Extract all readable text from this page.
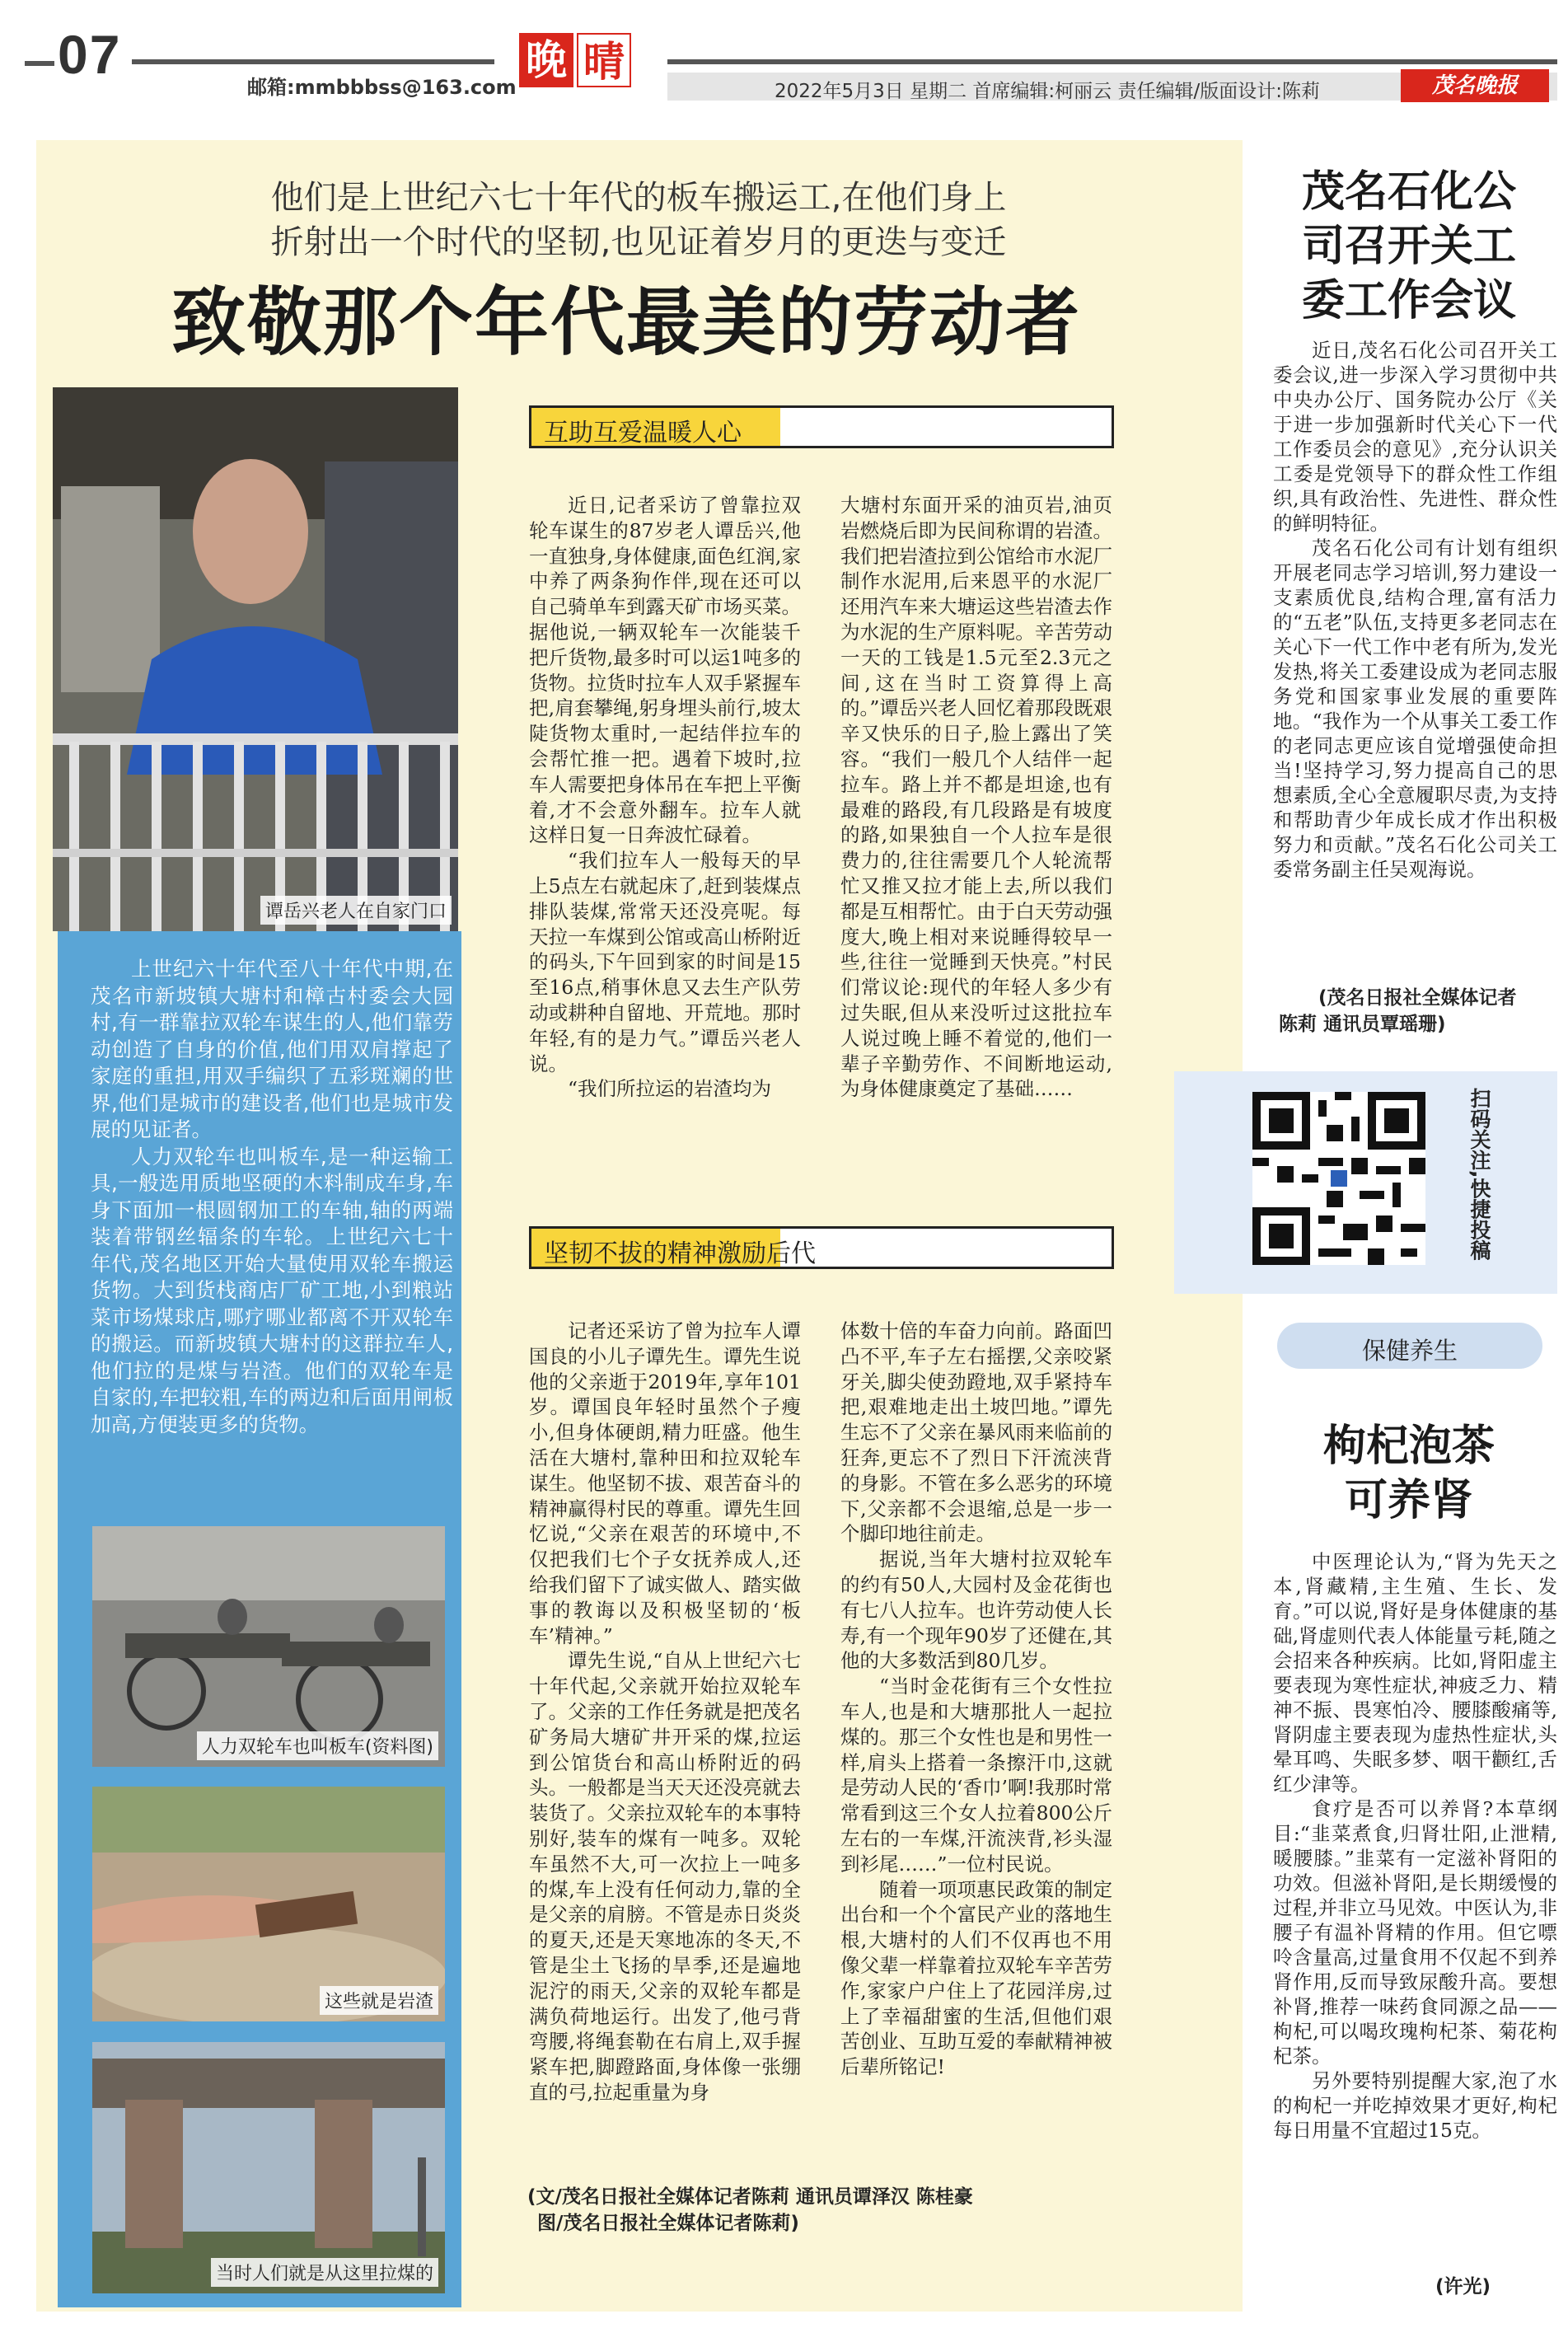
07
邮箱:mmbbbss@163.com
晚 晴
2022年5月3日 星期二 首席编辑:柯丽云 责任编辑/版面设计:陈莉	茂名晚报
他们是上世纪六七十年代的板车搬运工,在他们身上
折射出一个时代的坚韧,也见证着岁月的更迭与变迁
致敬那个年代最美的劳动者
谭岳兴老人在自家门口

上世纪六十年代至八十年代中期,在茂名市新坡镇大塘村和樟古村委会大园村,有一群靠拉双轮车谋生的人,他们靠劳动创造了自身的价值,他们用双肩撑起了家庭的重担,用双手编织了五彩斑斓的世界,他们是城市的建设者,他们也是城市发展的见证者。

人力双轮车也叫板车,是一种运输工具,一般选用质地坚硬的木料制成车身,车身下面加一根圆钢加工的车轴,轴的两端装着带钢丝辐条的车轮。上世纪六七十年代,茂名地区开始大量使用双轮车搬运货物。大到货栈商店厂矿工地,小到粮站菜市场煤球店,哪疗哪业都离不开双轮车的搬运。而新坡镇大塘村的这群拉车人,他们拉的是煤与岩渣。他们的双轮车是自家的,车把较粗,车的两边和后面用闸板加高,方便装更多的货物。

人力双轮车也叫板车(资料图)
这些就是岩渣
当时人们就是从这里拉煤的
互助互爱温暖人心

近日,记者采访了曾靠拉双轮车谋生的87岁老人谭岳兴,他一直独身,身体健康,面色红润,家中养了两条狗作伴,现在还可以自己骑单车到露天矿市场买菜。据他说,一辆双轮车一次能装千把斤货物,最多时可以运1吨多的货物。拉货时拉车人双手紧握车把,肩套攀绳,躬身埋头前行,坡太陡货物太重时,一起结伴拉车的会帮忙推一把。遇着下坡时,拉车人需要把身体吊在车把上平衡着,才不会意外翻车。拉车人就这样日复一日奔波忙碌着。

“我们拉车人一般每天的早上5点左右就起床了,赶到装煤点排队装煤,常常天还没亮呢。每天拉一车煤到公馆或高山桥附近的码头,下午回到家的时间是15至16点,稍事休息又去生产队劳动或耕种自留地、开荒地。那时年轻,有的是力气。”谭岳兴老人说。

“我们所拉运的岩渣均为

大塘村东面开采的油页岩,油页岩燃烧后即为民间称谓的岩渣。我们把岩渣拉到公馆给市水泥厂制作水泥用,后来恩平的水泥厂还用汽车来大塘运这些岩渣去作为水泥的生产原料呢。辛苦劳动一天的工钱是1.5元至2.3元之间,这在当时工资算得上高的。”谭岳兴老人回忆着那段既艰辛又快乐的日子,脸上露出了笑容。“我们一般几个人结伴一起拉车。路上并不都是坦途,也有最难的路段,有几段路是有坡度的路,如果独自一个人拉车是很费力的,往往需要几个人轮流帮忙又推又拉才能上去,所以我们都是互相帮忙。由于白天劳动强度大,晚上相对来说睡得较早一些,往往一觉睡到天快亮。”村民们常议论:现代的年轻人多少有过失眠,但从来没听过这批拉车人说过晚上睡不着觉的,他们一辈子辛勤劳作、不间断地运动,为身体健康奠定了基础……

坚韧不拔的精神激励后代

记者还采访了曾为拉车人谭国良的小儿子谭先生。谭先生说他的父亲逝于2019年,享年101岁。谭国良年轻时虽然个子瘦小,但身体硬朗,精力旺盛。他生活在大塘村,靠种田和拉双轮车谋生。他坚韧不拔、艰苦奋斗的精神赢得村民的尊重。谭先生回忆说,“父亲在艰苦的环境中,不仅把我们七个子女抚养成人,还给我们留下了诚实做人、踏实做事的教诲以及积极坚韧的‘板车’精神。”

谭先生说,“自从上世纪六七十年代起,父亲就开始拉双轮车了。父亲的工作任务就是把茂名矿务局大塘矿井开采的煤,拉运到公馆货台和高山桥附近的码头。一般都是当天天还没亮就去装货了。父亲拉双轮车的本事特别好,装车的煤有一吨多。双轮车虽然不大,可一次拉上一吨多的煤,车上没有任何动力,靠的全是父亲的肩膀。不管是赤日炎炎的夏天,还是天寒地冻的冬天,不管是尘土飞扬的旱季,还是遍地泥泞的雨天,父亲的双轮车都是满负荷地运行。出发了,他弓背弯腰,将绳套勒在右肩上,双手握紧车把,脚蹬路面,身体像一张绷直的弓,拉起重量为身

体数十倍的车奋力向前。路面凹凸不平,车子左右摇摆,父亲咬紧牙关,脚尖使劲蹬地,双手紧持车把,艰难地走出土坡凹地。”谭先生忘不了父亲在暴风雨来临前的狂奔,更忘不了烈日下汗流浃背的身影。不管在多么恶劣的环境下,父亲都不会退缩,总是一步一个脚印地往前走。

据说,当年大塘村拉双轮车的约有50人,大园村及金花街也有七八人拉车。也许劳动使人长寿,有一个现年90岁了还健在,其他的大多数活到80几岁。

“当时金花街有三个女性拉车人,也是和大塘那批人一起拉煤的。那三个女性也是和男性一样,肩头上搭着一条擦汗巾,这就是劳动人民的‘香巾’啊!我那时常常看到这三个女人拉着800公斤左右的一车煤,汗流浃背,衫头湿到衫尾……”一位村民说。

随着一项项惠民政策的制定出台和一个个富民产业的落地生根,大塘村的人们不仅再也不用像父辈一样靠着拉双轮车辛苦劳作,家家户户住上了花园洋房,过上了幸福甜蜜的生活,但他们艰苦创业、互助互爱的奉献精神被后辈所铭记!

(文/茂名日报社全媒体记者陈莉 通讯员谭泽汉 陈桂豪
图/茂名日报社全媒体记者陈莉)
茂名石化公
司召开关工
委工作会议

近日,茂名石化公司召开关工委会议,进一步深入学习贯彻中共中央办公厅、国务院办公厅《关于进一步加强新时代关心下一代工作委员会的意见》,充分认识关工委是党领导下的群众性工作组织,具有政治性、先进性、群众性的鲜明特征。

茂名石化公司有计划有组织开展老同志学习培训,努力建设一支素质优良,结构合理,富有活力的“五老”队伍,支持更多老同志在关心下一代工作中老有所为,发光发热,将关工委建设成为老同志服务党和国家事业发展的重要阵地。“我作为一个从事关工委工作的老同志更应该自觉增强使命担当!坚持学习,努力提高自己的思想素质,全心全意履职尽责,为支持和帮助青少年成长成才作出积极努力和贡献。”茂名石化公司关工委常务副主任吴观海说。

(茂名日报社全媒体记者
陈莉 通讯员覃瑶珊)
扫码关注,快捷投稿
保健养生
枸杞泡茶
可养肾

中医理论认为,“肾为先天之本,肾藏精,主生殖、生长、发育。”可以说,肾好是身体健康的基础,肾虚则代表人体能量亏耗,随之会招来各种疾病。比如,肾阳虚主要表现为寒性症状,神疲乏力、精神不振、畏寒怕冷、腰膝酸痛等,肾阴虚主要表现为虚热性症状,头晕耳鸣、失眠多梦、咽干颧红,舌红少津等。

食疗是否可以养肾?本草纲目:“韭菜煮食,归肾壮阳,止泄精,暖腰膝。”韭菜有一定滋补肾阳的功效。但滋补肾阳,是长期缓慢的过程,并非立马见效。中医认为,非腰子有温补肾精的作用。但它嘌呤含量高,过量食用不仅起不到养肾作用,反而导致尿酸升高。要想补肾,推荐一味药食同源之品——枸杞,可以喝玫瑰枸杞茶、菊花枸杞茶。

另外要特别提醒大家,泡了水的枸杞一并吃掉效果才更好,枸杞每日用量不宜超过15克。

(许光)
